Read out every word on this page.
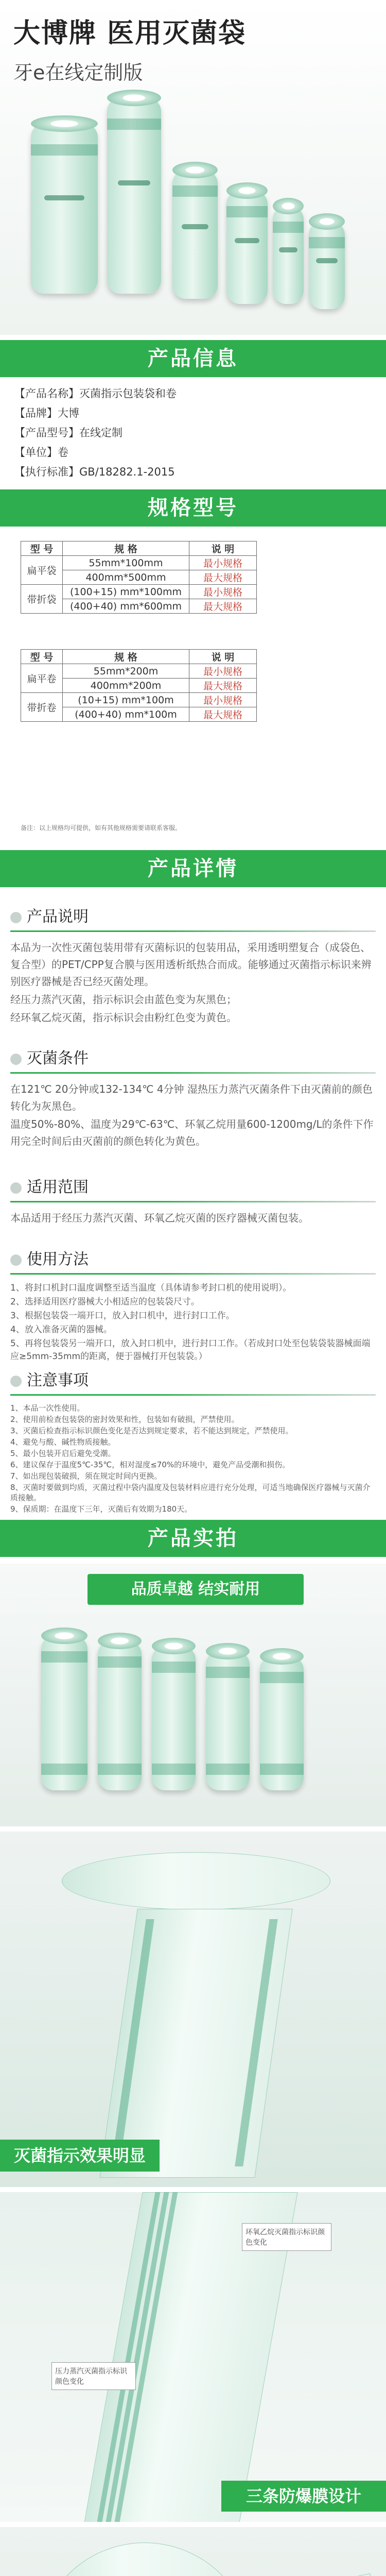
大博牌 医用灭菌袋
牙e在线定制版
产品信息
【产品名称】灭菌指示包装袋和卷
【品牌】大博
【产品型号】在线定制
【单位】卷
【执行标准】GB/18282.1-2015
规格型号
型 号	规 格	说 明
扁平袋	55mm*100mm	最小规格
	400mm*500mm	最大规格
带折袋	(100+15) mm*100mm	最小规格
	(400+40) mm*600mm	最大规格
型 号	规 格	说 明
扁平卷	55mm*200m	最小规格
	400mm*200m	最大规格
带折卷	(10+15) mm*100m	最小规格
	(400+40) mm*100m	最大规格
备注：以上规格均可提供，如有其他规格需要请联系客服。
产品详情
产品说明
本品为一次性灭菌包装用带有灭菌标识的包装用品，采用透明塑复合（成袋色、复合型）的PET/CPP复合膜与医用透析纸热合而成。能够通过灭菌指示标识来辨别医疗器械是否已经灭菌处理。
经压力蒸汽灭菌，指示标识会由蓝色变为灰黑色；
经环氧乙烷灭菌，指示标识会由粉红色变为黄色。
灭菌条件
在121℃ 20分钟或132-134℃ 4分钟 湿热压力蒸汽灭菌条件下由灭菌前的颜色转化为灰黑色。
温度50%-80%、温度为29℃-63℃、环氧乙烷用量600-1200mg/L的条件下作用完全时间后由灭菌前的颜色转化为黄色。
适用范围
本品适用于经压力蒸汽灭菌、环氧乙烷灭菌的医疗器械灭菌包装。
使用方法
1、将封口机封口温度调整至适当温度（具体请参考封口机的使用说明）。
2、选择适用医疗器械大小相适应的包装袋尺寸。
3、根据包装袋一端开口，放入封口机中，进行封口工作。
4、放入准备灭菌的器械。
5、再将包装袋另一端开口，放入封口机中，进行封口工作。（若成封口处至包装袋装器械面端应≥5mm-35mm的距离，便于器械打开包装袋。）
注意事项
1、本品一次性使用。
2、使用前检查包装袋的密封效果和性，包装如有破损，严禁使用。
3、灭菌后检查指示标识颜色变化是否达到规定要求，若不能达到规定，严禁使用。
4、避免与酸、碱性物质接触。
5、最小包装开启后避免受潮。
6、建议保存于温度5℃-35℃，相对湿度≤70%的环境中，避免产品受潮和损伤。
7、如出现包装破损，须在规定时间内更换。
8、灭菌时要做到均质，灭菌过程中袋内温度及包装材料应进行充分处理，可适当地确保医疗器械与灭菌介质接触。
9、保质期：在温度下三年，灭菌后有效期为180天。
产品实拍
品质卓越 结实耐用
灭菌指示效果明显
环氧乙烷灭菌指示标识颜色变化
压力蒸汽灭菌指示标识颜色变化
三条防爆膜设计
